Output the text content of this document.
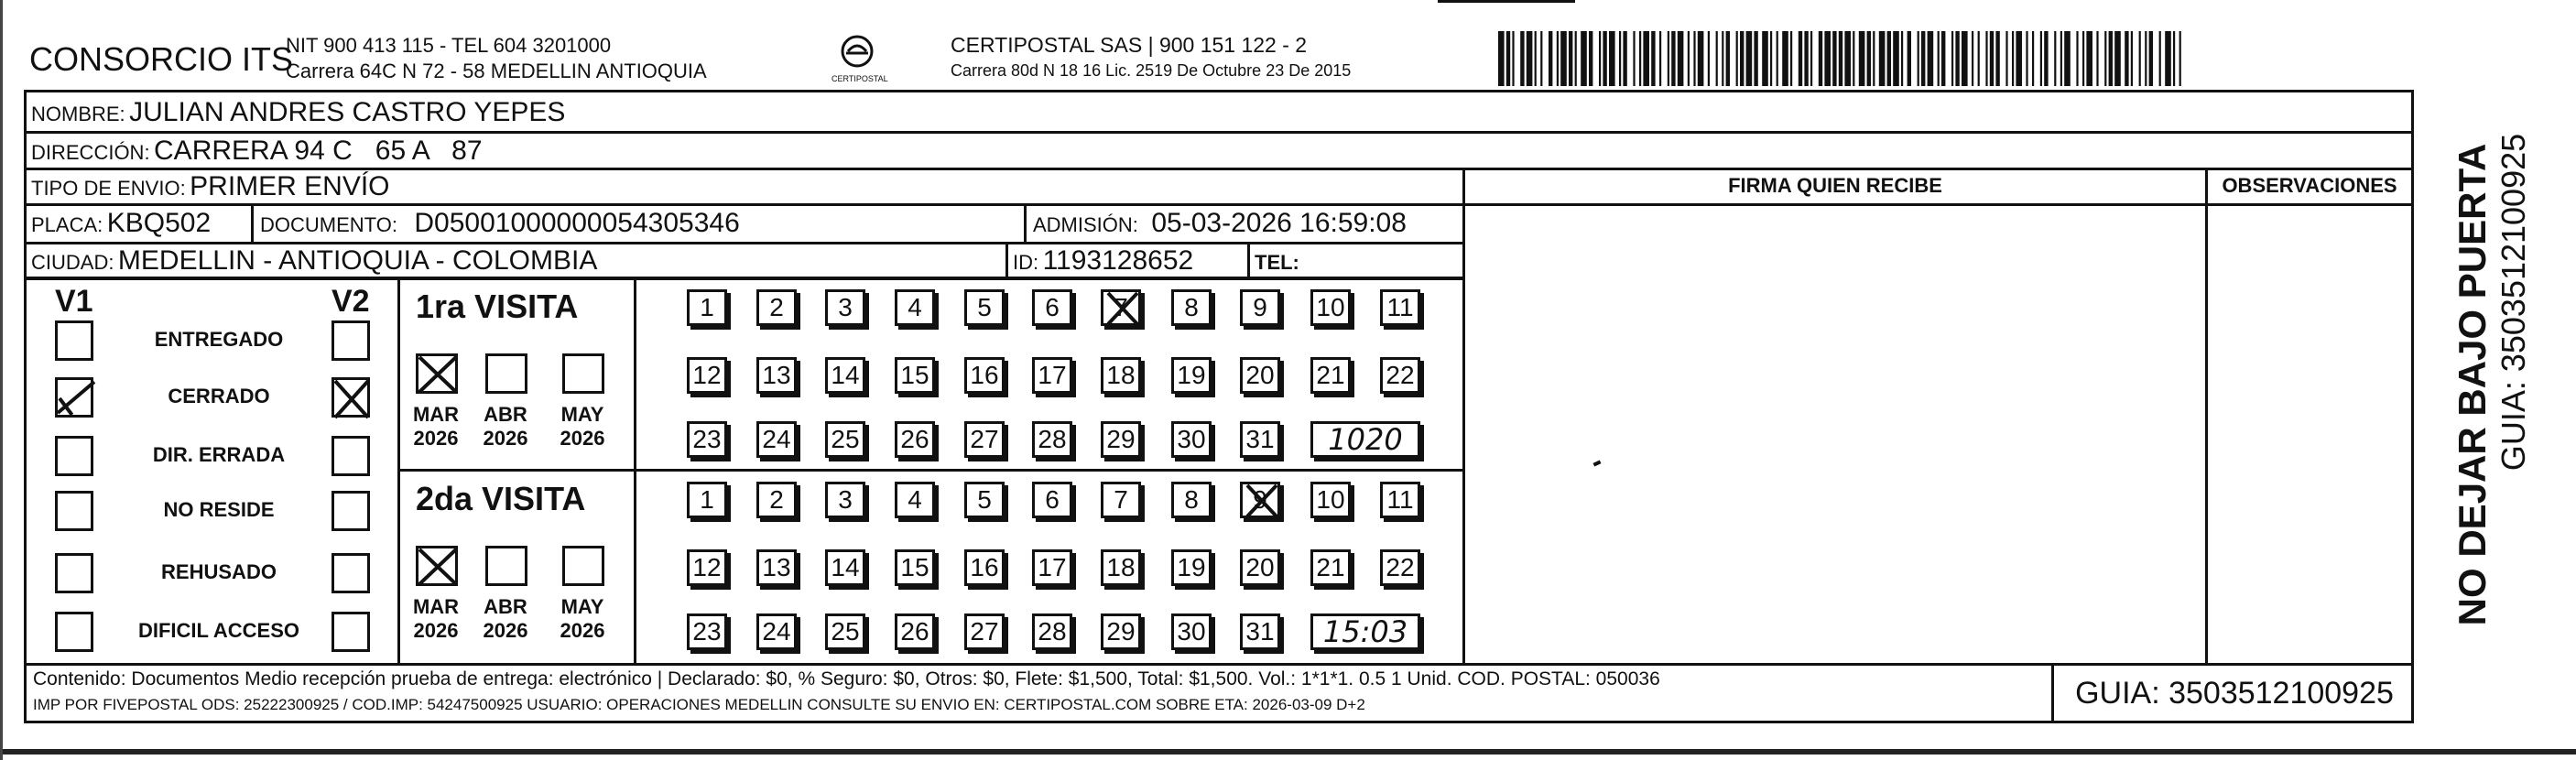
CONSORCIO ITS
NIT 900 413 115 - TEL 604 3201000
Carrera 64C N 72 - 58 MEDELLIN ANTIOQUIA	CERTIPOSTAL
CERTIPOSTAL SAS | 900 151 122 - 2
Carrera 80d N 18 16 Lic. 2519 De Octubre 23 De 2015
NOMBRE: JULIAN ANDRES CASTRO YEPES
DIRECCIÓN: CARRERA 94 C   65 A   87
TIPO DE ENVIO: PRIMER ENVÍO
PLACA: KBQ502 DOCUMENTO: D05001000000054305346	ADMISIÓN: 05-03-2026 16:59:08
CIUDAD: MEDELLIN - ANTIOQUIA - COLOMBIA	ID: 1193128652	TEL:
FIRMA QUIEN RECIBE	OBSERVACIONES
V1	V2
ENTREGADO
CERRADO
DIR. ERRADA
NO RESIDE
REHUSADO
DIFICIL ACCESO
1ra VISITA
MAR
2026
ABR
2026
MAY
2026
1	2	3	4	5	6	7	8	9	10 11
12 13 14 15 16 17 18 19 20 21 22
23 24 25 26 27 28 29 30 31	1020
2da VISITA
MAR
2026
ABR
2026
MAY
2026
1	2	3	4	5	6	7	8	9	10 11
12 13 14 15 16 17 18 19 20 21 22
23 24 25 26 27 28 29 30 31	15:03
Contenido: Documentos Medio recepción prueba de entrega: electrónico | Declarado: $0, % Seguro: $0, Otros: $0, Flete: $1,500, Total: $1,500. Vol.: 1*1*1. 0.5 1 Unid. COD. POSTAL: 050036
IMP POR FIVEPOSTAL ODS: 25222300925 / COD.IMP: 54247500925 USUARIO: OPERACIONES MEDELLIN CONSULTE SU ENVIO EN: CERTIPOSTAL.COM SOBRE ETA: 2026-03-09 D+2	GUIA: 3503512100925
NO DEJAR BAJO PUERTA GUIA: 3503512100925
